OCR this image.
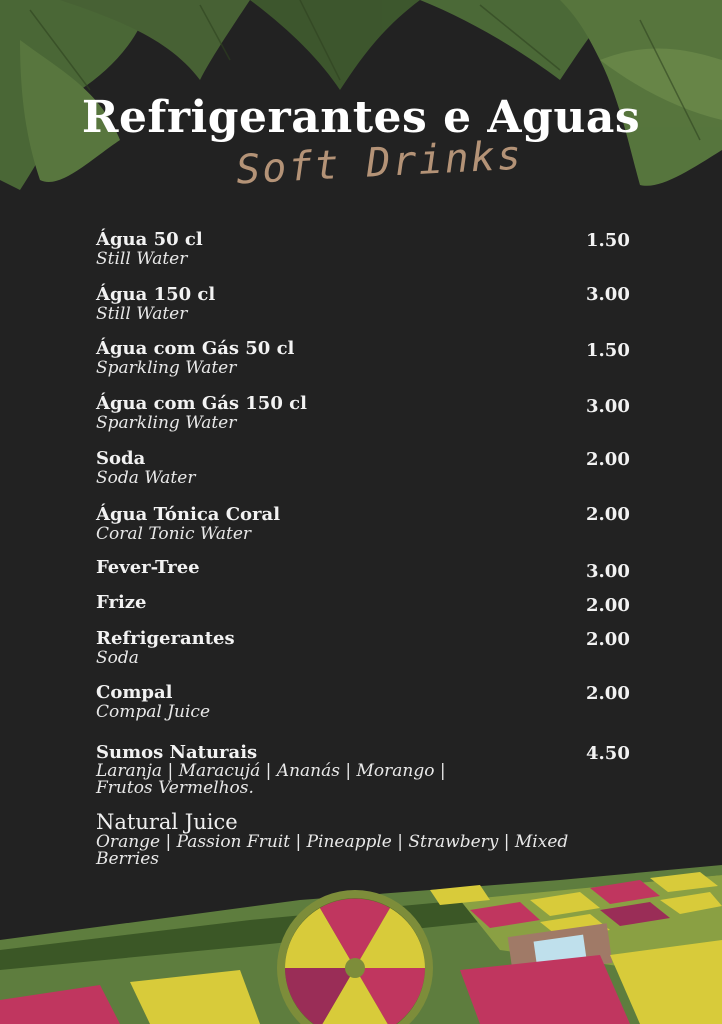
Refrigerantes e Aguas
Soft Drinks
Água 50 cl
Still Water
1.50
Água 150 cl
Still Water
3.00
Água com Gás 50 cl
Sparkling Water
1.50
Água com Gás 150 cl
Sparkling Water
3.00
Soda
Soda Water
2.00
Água Tónica Coral
Coral Tonic Water
2.00
Fever-Tree	3.00
Frize	2.00
Refrigerantes
Soda
2.00
Compal
Compal Juice
2.00
Sumos Naturais
Laranja | Maracujá | Ananás | Morango | Frutos Vermelhos.
4.50
Natural Juice
Orange | Passion Fruit | Pineapple | Strawbery | Mixed Berries
